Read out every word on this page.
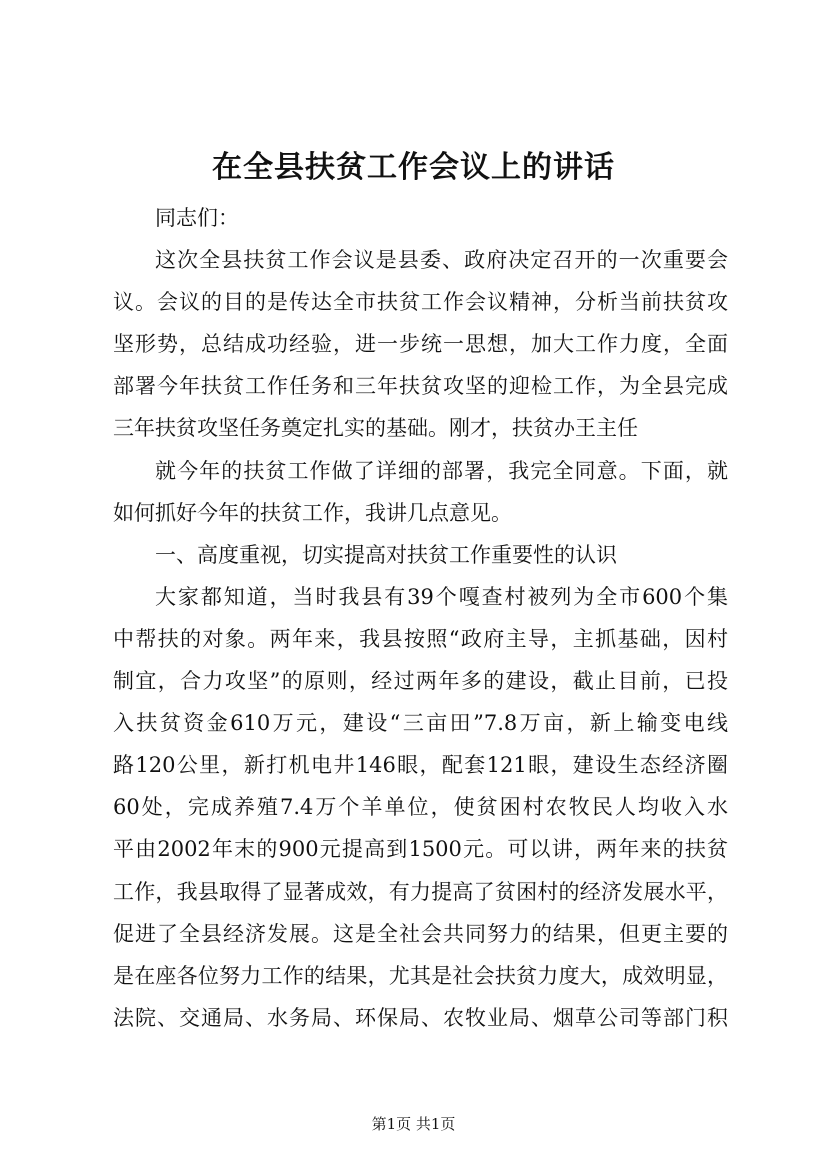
在全县扶贫工作会议上的讲话
同志们：
这次全县扶贫工作会议是县委、政府决定召开的一次重要会
议。会议的目的是传达全市扶贫工作会议精神，分析当前扶贫攻
坚形势，总结成功经验，进一步统一思想，加大工作力度，全面
部署今年扶贫工作任务和三年扶贫攻坚的迎检工作，为全县完成
三年扶贫攻坚任务奠定扎实的基础。刚才，扶贫办王主任
就今年的扶贫工作做了详细的部署，我完全同意。下面，就
如何抓好今年的扶贫工作，我讲几点意见。
一、高度重视，切实提高对扶贫工作重要性的认识
大家都知道，当时我县有39个嘎查村被列为全市600个集
中帮扶的对象。两年来，我县按照“政府主导，主抓基础，因村
制宜，合力攻坚”的原则，经过两年多的建设，截止目前，已投
入扶贫资金610万元，建设“三亩田”7.8万亩，新上输变电线
路120公里，新打机电井146眼，配套121眼，建设生态经济圈
60处，完成养殖7.4万个羊单位，使贫困村农牧民人均收入水
平由2002年末的900元提高到1500元。可以讲，两年来的扶贫
工作，我县取得了显著成效，有力提高了贫困村的经济发展水平，
促进了全县经济发展。这是全社会共同努力的结果，但更主要的
是在座各位努力工作的结果，尤其是社会扶贫力度大，成效明显，
法院、交通局、水务局、环保局、农牧业局、烟草公司等部门积
第1页 共1页
